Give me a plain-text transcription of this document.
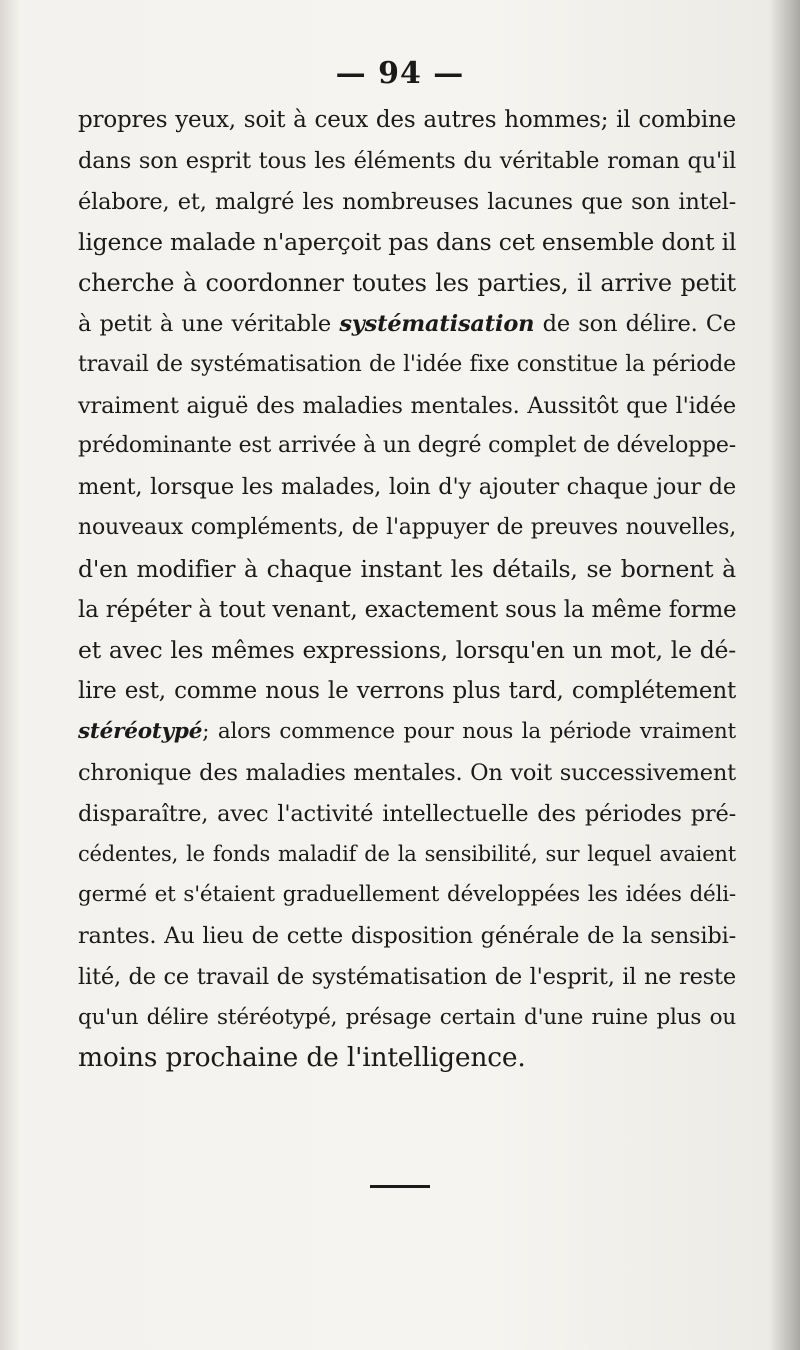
— 94 —
propres yeux, soit à ceux des autres hommes; il combine
dans son esprit tous les éléments du véritable roman qu'il
élabore, et, malgré les nombreuses lacunes que son intel-
ligence malade n'aperçoit pas dans cet ensemble dont il
cherche à coordonner toutes les parties, il arrive petit
à petit à une véritable systématisation de son délire. Ce
travail de systématisation de l'idée fixe constitue la période
vraiment aiguë des maladies mentales. Aussitôt que l'idée
prédominante est arrivée à un degré complet de développe-
ment, lorsque les malades, loin d'y ajouter chaque jour de
nouveaux compléments, de l'appuyer de preuves nouvelles,
d'en modifier à chaque instant les détails, se bornent à
la répéter à tout venant, exactement sous la même forme
et avec les mêmes expressions, lorsqu'en un mot, le dé-
lire est, comme nous le verrons plus tard, complétement
stéréotypé; alors commence pour nous la période vraiment
chronique des maladies mentales. On voit successivement
disparaître, avec l'activité intellectuelle des périodes pré-
cédentes, le fonds maladif de la sensibilité, sur lequel avaient
germé et s'étaient graduellement développées les idées déli-
rantes. Au lieu de cette disposition générale de la sensibi-
lité, de ce travail de systématisation de l'esprit, il ne reste
qu'un délire stéréotypé, présage certain d'une ruine plus ou
moins prochaine de l'intelligence.
